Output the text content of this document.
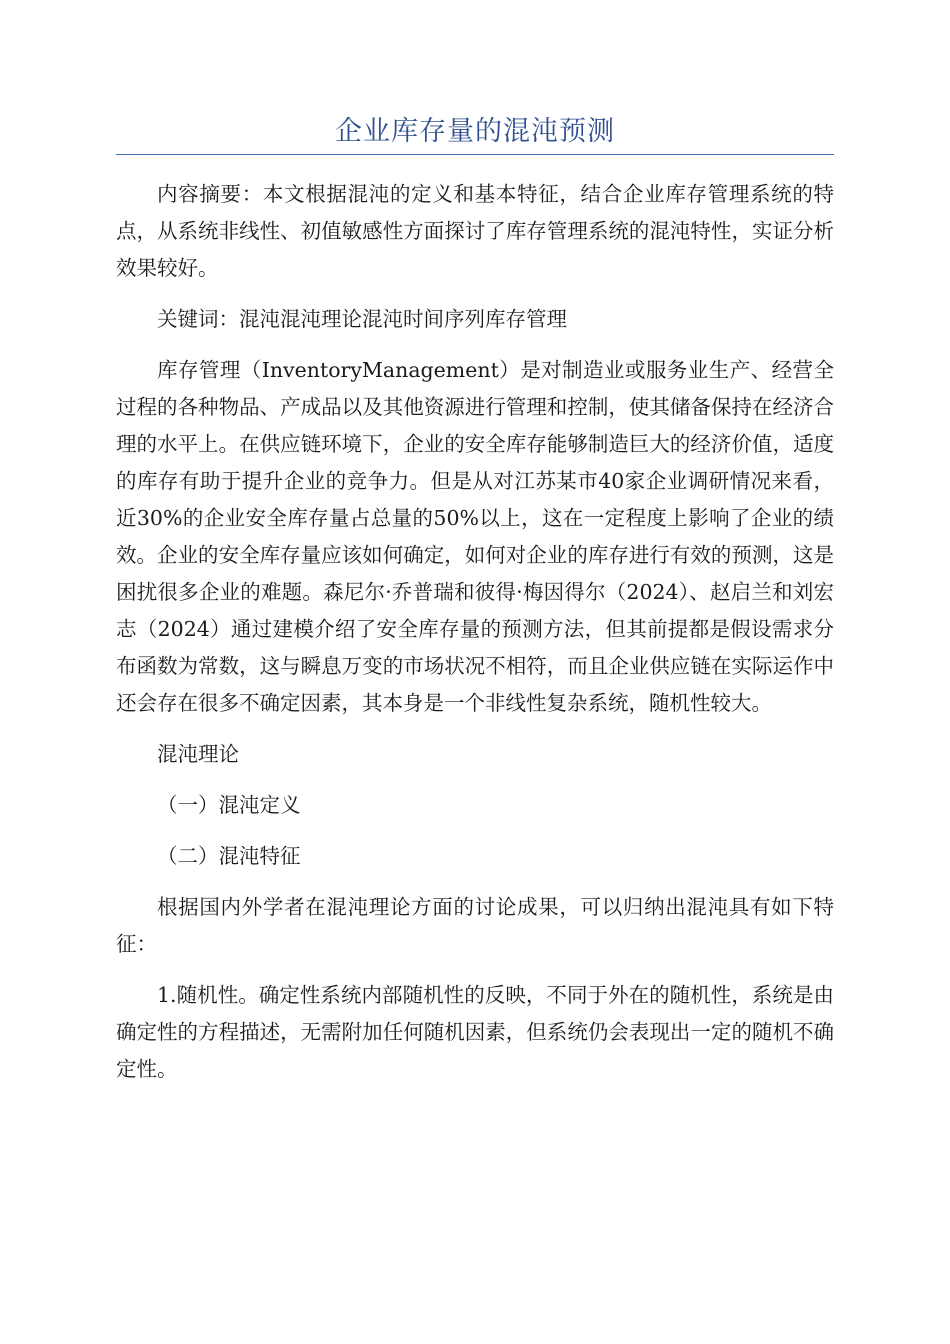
企业库存量的混沌预测

内容摘要：本文根据混沌的定义和基本特征，结合企业库存管理系统的特点，从系统非线性、初值敏感性方面探讨了库存管理系统的混沌特性，实证分析效果较好。

关键词：混沌混沌理论混沌时间序列库存管理

库存管理（InventoryManagement）是对制造业或服务业生产、经营全过程的各种物品、产成品以及其他资源进行管理和控制，使其储备保持在经济合理的水平上。在供应链环境下，企业的安全库存能够制造巨大的经济价值，适度的库存有助于提升企业的竞争力。但是从对江苏某市40家企业调研情况来看，近30%的企业安全库存量占总量的50%以上，这在一定程度上影响了企业的绩效。企业的安全库存量应该如何确定，如何对企业的库存进行有效的预测，这是困扰很多企业的难题。森尼尔·乔普瑞和彼得·梅因得尔（2024）、赵启兰和刘宏志（2024）通过建模介绍了安全库存量的预测方法，但其前提都是假设需求分布函数为常数，这与瞬息万变的市场状况不相符，而且企业供应链在实际运作中还会存在很多不确定因素，其本身是一个非线性复杂系统，随机性较大。

混沌理论

（一）混沌定义

（二）混沌特征

根据国内外学者在混沌理论方面的讨论成果，可以归纳出混沌具有如下特征：

1.随机性。确定性系统内部随机性的反映，不同于外在的随机性，系统是由确定性的方程描述，无需附加任何随机因素，但系统仍会表现出一定的随机不确定性。
